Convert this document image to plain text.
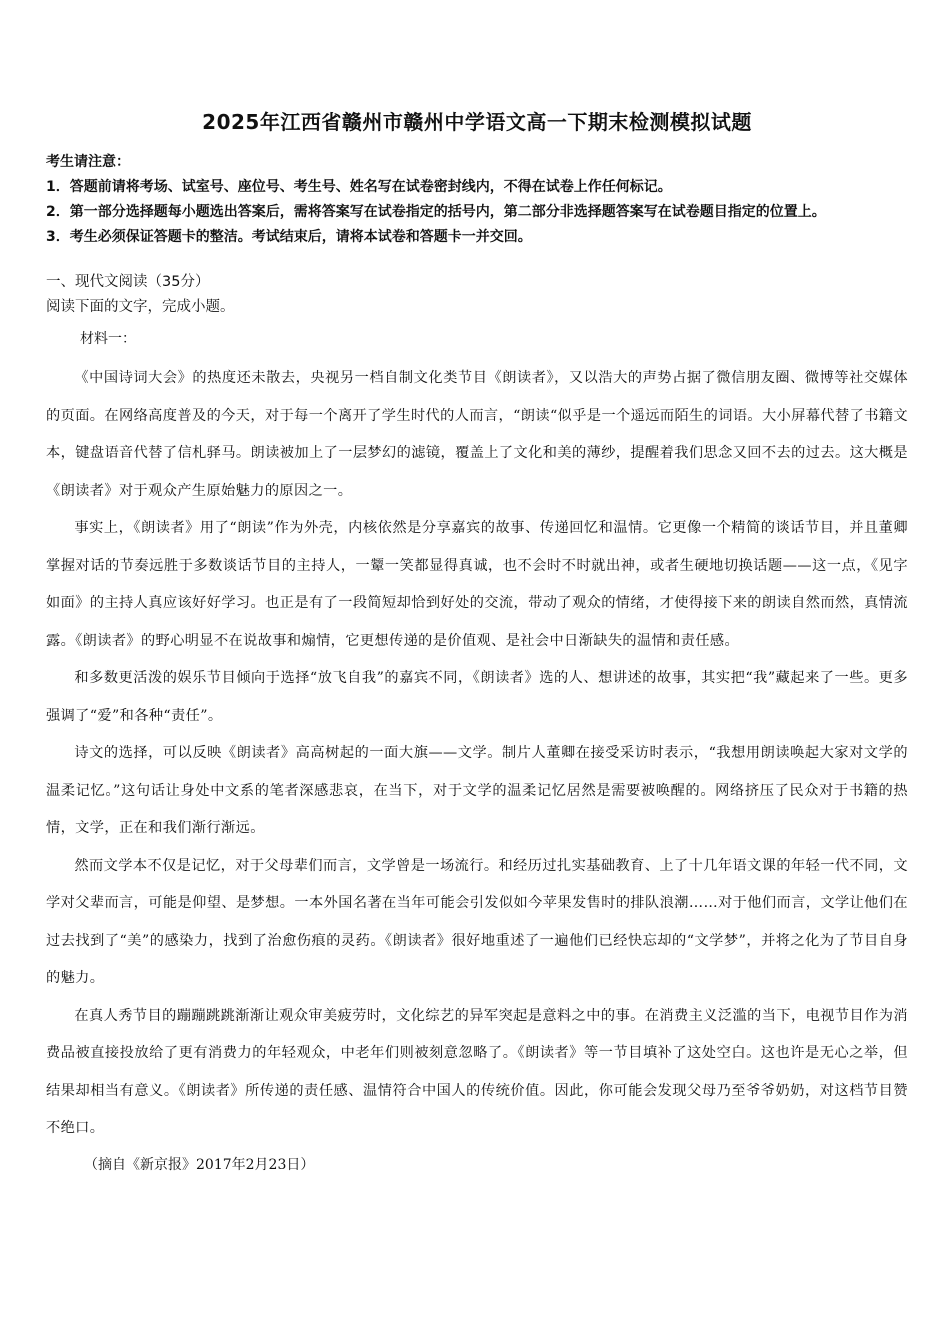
2025年江西省赣州市赣州中学语文高一下期末检测模拟试题

考生请注意：

1．答题前请将考场、试室号、座位号、考生号、姓名写在试卷密封线内，不得在试卷上作任何标记。

2．第一部分选择题每小题选出答案后，需将答案写在试卷指定的括号内，第二部分非选择题答案写在试卷题目指定的位置上。

3．考生必须保证答题卡的整洁。考试结束后，请将本试卷和答题卡一并交回。

一、现代文阅读（35分）

阅读下面的文字，完成小题。

材料一：

《中国诗词大会》的热度还未散去，央视另一档自制文化类节目《朗读者》，又以浩大的声势占据了微信朋友圈、微博等社交媒体的页面。在网络高度普及的今天，对于每一个离开了学生时代的人而言，“朗读“似乎是一个遥远而陌生的词语。大小屏幕代替了书籍文本，键盘语音代替了信札驿马。朗读被加上了一层梦幻的滤镜，覆盖上了文化和美的薄纱，提醒着我们思念又回不去的过去。这大概是《朗读者》对于观众产生原始魅力的原因之一。

事实上，《朗读者》用了“朗读”作为外壳，内核依然是分享嘉宾的故事、传递回忆和温情。它更像一个精简的谈话节目，并且董卿掌握对话的节奏远胜于多数谈话节目的主持人，一颦一笑都显得真诚，也不会时不时就出神，或者生硬地切换话题——这一点，《见字如面》的主持人真应该好好学习。也正是有了一段简短却恰到好处的交流，带动了观众的情绪，才使得接下来的朗读自然而然，真情流露。《朗读者》的野心明显不在说故事和煽情，它更想传递的是价值观、是社会中日渐缺失的温情和责任感。

和多数更活泼的娱乐节目倾向于选择“放飞自我”的嘉宾不同，《朗读者》选的人、想讲述的故事，其实把“我”藏起来了一些。更多强调了“爱”和各种“责任”。

诗文的选择，可以反映《朗读者》高高树起的一面大旗——文学。制片人董卿在接受采访时表示，“我想用朗读唤起大家对文学的温柔记忆。”这句话让身处中文系的笔者深感悲哀，在当下，对于文学的温柔记忆居然是需要被唤醒的。网络挤压了民众对于书籍的热情，文学，正在和我们渐行渐远。

然而文学本不仅是记忆，对于父母辈们而言，文学曾是一场流行。和经历过扎实基础教育、上了十几年语文课的年轻一代不同，文学对父辈而言，可能是仰望、是梦想。一本外国名著在当年可能会引发似如今苹果发售时的排队浪潮……对于他们而言，文学让他们在过去找到了“美”的感染力，找到了治愈伤痕的灵药。《朗读者》很好地重述了一遍他们已经快忘却的“文学梦”，并将之化为了节目自身的魅力。

在真人秀节目的蹦蹦跳跳渐渐让观众审美疲劳时，文化综艺的异军突起是意料之中的事。在消费主义泛滥的当下，电视节目作为消费品被直接投放给了更有消费力的年轻观众，中老年们则被刻意忽略了。《朗读者》等一节目填补了这处空白。这也许是无心之举，但结果却相当有意义。《朗读者》所传递的责任感、温情符合中国人的传统价值。因此，你可能会发现父母乃至爷爷奶奶，对这档节目赞不绝口。

（摘自《新京报》2017年2月23日）
